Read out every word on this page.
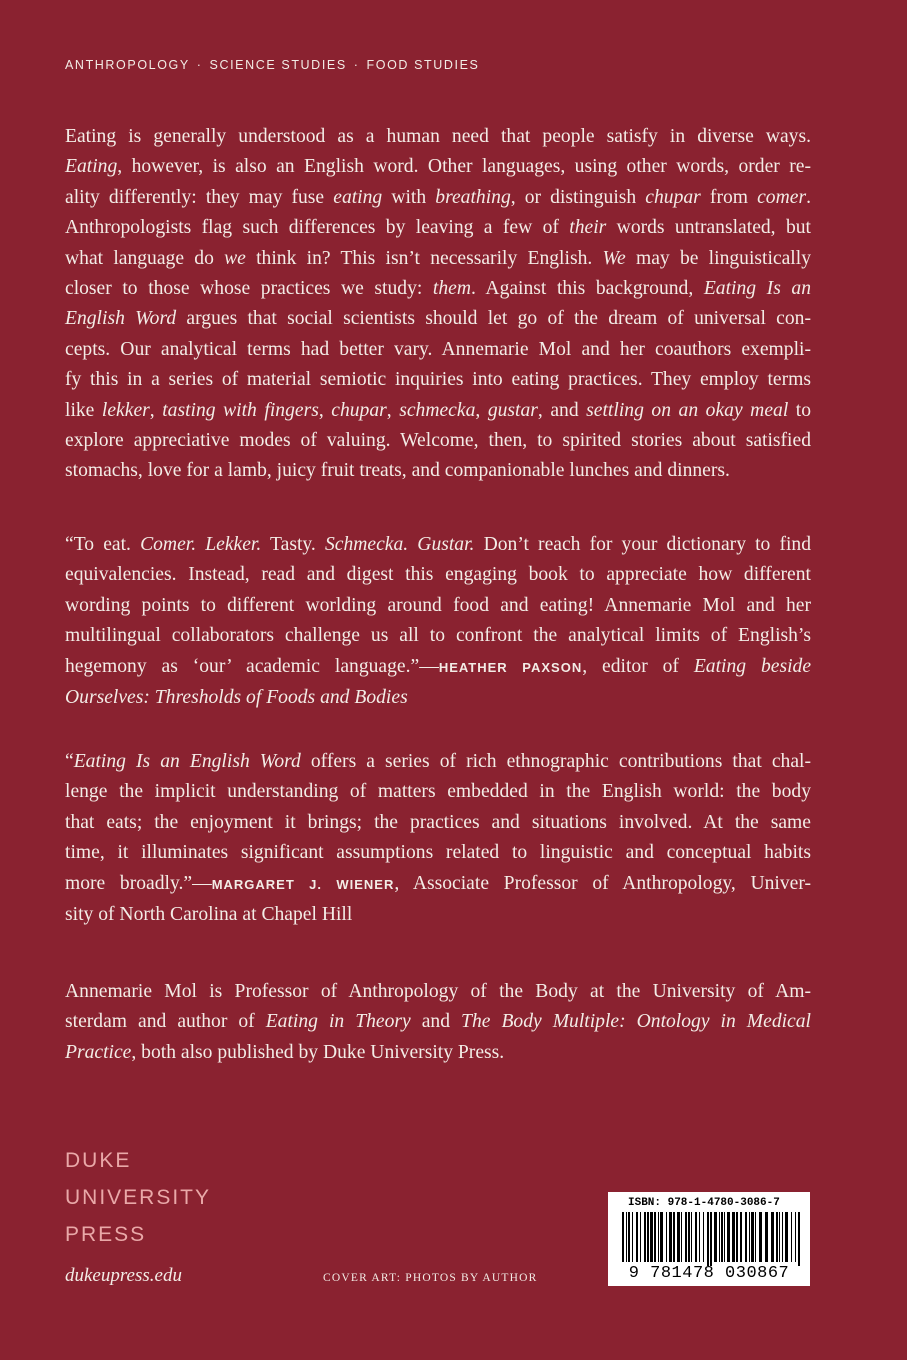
ANTHROPOLOGY · SCIENCE STUDIES · FOOD STUDIES
Eating is generally understood as a human need that people satisfy in diverse ways.
Eating, however, is also an English word. Other languages, using other words, order re-
ality differently: they may fuse eating with breathing, or distinguish chupar from comer.
Anthropologists flag such differences by leaving a few of their words untranslated, but
what language do we think in? This isn’t necessarily English. We may be linguistically
closer to those whose practices we study: them. Against this background, Eating Is an
English Word argues that social scientists should let go of the dream of universal con-
cepts. Our analytical terms had better vary. Annemarie Mol and her coauthors exempli-
fy this in a series of material semiotic inquiries into eating practices. They employ terms
like lekker, tasting with fingers, chupar, schmecka, gustar, and settling on an okay meal to
explore appreciative modes of valuing. Welcome, then, to spirited stories about satisfied
stomachs, love for a lamb, juicy fruit treats, and companionable lunches and dinners.
“To eat. Comer. Lekker. Tasty. Schmecka. Gustar. Don’t reach for your dictionary to find
equivalencies. Instead, read and digest this engaging book to appreciate how different
wording points to different worlding around food and eating! Annemarie Mol and her
multilingual collaborators challenge us all to confront the analytical limits of English’s
hegemony as ‘our’ academic language.”—HEATHER PAXSON, editor of Eating beside
Ourselves: Thresholds of Foods and Bodies
“Eating Is an English Word offers a series of rich ethnographic contributions that chal-
lenge the implicit understanding of matters embedded in the English world: the body
that eats; the enjoyment it brings; the practices and situations involved. At the same
time, it illuminates significant assumptions related to linguistic and conceptual habits
more broadly.”—MARGARET J. WIENER, Associate Professor of Anthropology, Univer-
sity of North Carolina at Chapel Hill
Annemarie Mol is Professor of Anthropology of the Body at the University of Am-
sterdam and author of Eating in Theory and The Body Multiple: Ontology in Medical
Practice, both also published by Duke University Press.
DUKE
UNIVERSITY
PRESS
dukeupress.edu	COVER ART: PHOTOS BY AUTHOR
ISBN: 978-1-4780-3086-7
9 781478 030867
